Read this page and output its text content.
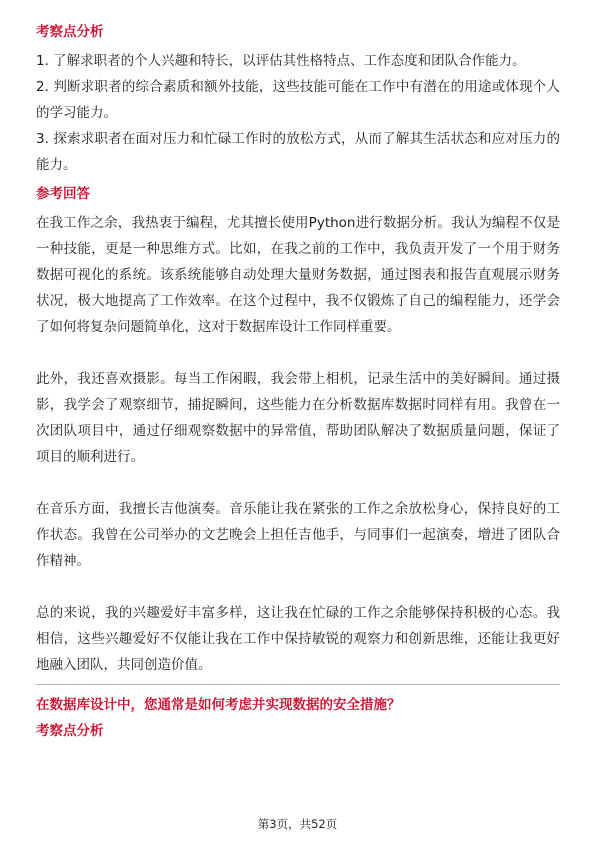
考察点分析

1. 了解求职者的个人兴趣和特长，以评估其性格特点、工作态度和团队合作能力。

2. 判断求职者的综合素质和额外技能，这些技能可能在工作中有潜在的用途或体现个人的学习能力。

3. 探索求职者在面对压力和忙碌工作时的放松方式，从而了解其生活状态和应对压力的能力。

参考回答

在我工作之余，我热衷于编程，尤其擅长使用Python进行数据分析。我认为编程不仅是一种技能，更是一种思维方式。比如，在我之前的工作中，我负责开发了一个用于财务数据可视化的系统。该系统能够自动处理大量财务数据，通过图表和报告直观展示财务状况，极大地提高了工作效率。在这个过程中，我不仅锻炼了自己的编程能力，还学会了如何将复杂问题简单化，这对于数据库设计工作同样重要。

此外，我还喜欢摄影。每当工作闲暇，我会带上相机，记录生活中的美好瞬间。通过摄影，我学会了观察细节，捕捉瞬间，这些能力在分析数据库数据时同样有用。我曾在一次团队项目中，通过仔细观察数据中的异常值，帮助团队解决了数据质量问题，保证了项目的顺利进行。

在音乐方面，我擅长吉他演奏。音乐能让我在紧张的工作之余放松身心，保持良好的工作状态。我曾在公司举办的文艺晚会上担任吉他手，与同事们一起演奏，增进了团队合作精神。

总的来说，我的兴趣爱好丰富多样，这让我在忙碌的工作之余能够保持积极的心态。我相信，这些兴趣爱好不仅能让我在工作中保持敏锐的观察力和创新思维，还能让我更好地融入团队，共同创造价值。

在数据库设计中，您通常是如何考虑并实现数据的安全措施？
考察点分析
第3页，共52页
